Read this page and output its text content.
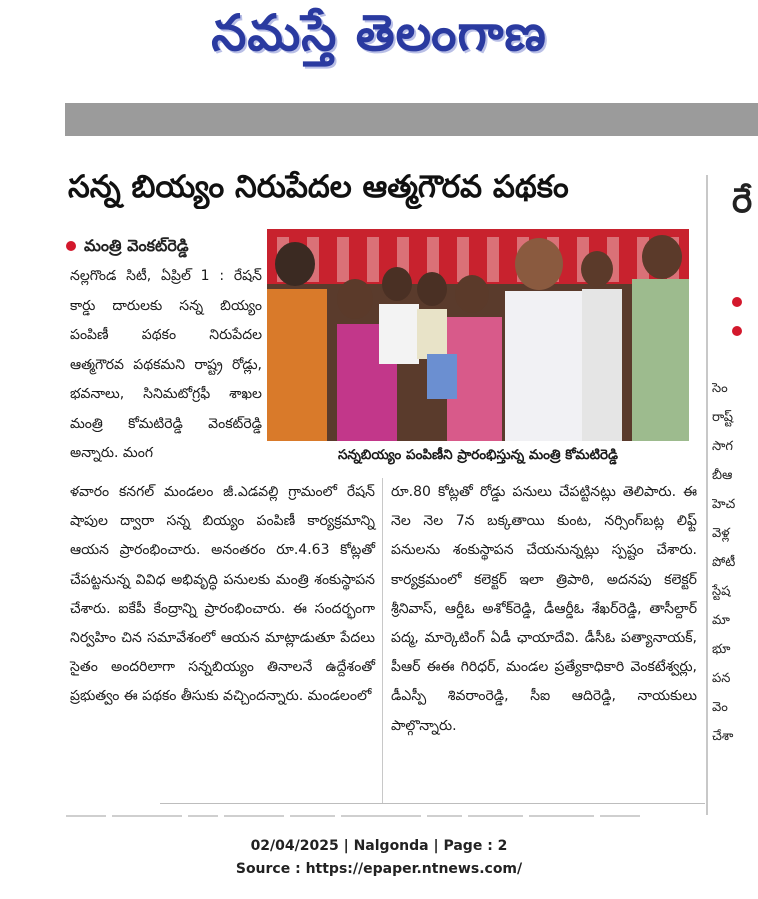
నమస్తే తెలంగాణ
సన్న బియ్యం నిరుపేదల ఆత్మగౌరవ పథకం
మంత్రి వెంకట్‌రెడ్డి

నల్లగొండ సిటీ, ఏప్రిల్ 1 : రేషన్ కార్డు దారులకు సన్న బియ్యం పంపిణీ పథకం నిరుపేదల ఆత్మగౌరవ పథకమని రాష్ట్ర రోడ్లు, భవనాలు, సినిమటోగ్రఫీ శాఖల మంత్రి కోమటిరెడ్డి వెంకట్‌రెడ్డి అన్నారు. మంగ	సన్నబియ్యం పంపిణీని ప్రారంభిస్తున్న మంత్రి కోమటిరెడ్డి

ళవారం కనగల్ మండలం జీ.ఎడవల్లి గ్రామంలో రేషన్ షాపుల ద్వారా సన్న బియ్యం పంపిణీ కార్యక్రమాన్ని ఆయన ప్రారంభించారు. అనంతరం రూ.4.63 కోట్లతో చేపట్టనున్న వివిధ అభివృద్ధి పనులకు మంత్రి శంకుస్థాపన చేశారు. ఐకేపీ కేంద్రాన్ని ప్రారంభించారు. ఈ సందర్భంగా నిర్వహిం చిన సమావేశంలో ఆయన మాట్లాడుతూ పేదలు సైతం అందరిలాగా సన్నబియ్యం తినాలనే ఉద్దేశంతో ప్రభుత్వం ఈ పథకం తీసుకు వచ్చిందన్నారు. మండలంలో

రూ.80 కోట్లతో రోడ్డు పనులు చేపట్టినట్లు తెలిపారు. ఈ నెల నెల 7న బక్కతాయి కుంట, నర్సింగ్‌బట్ల లిఫ్ట్ పనులను శంకుస్థాపన చేయనున్నట్లు స్పష్టం చేశారు. కార్యక్రమంలో కలెక్టర్ ఇలా త్రిపాఠి, అదనపు కలెక్టర్ శ్రీనివాస్, ఆర్డీఓ అశోక్‌రెడ్డి, డీఆర్డీఓ శేఖర్‌రెడ్డి, తాసీల్దార్ పద్మ, మార్కెటింగ్ ఏడీ ఛాయాదేవి. డీసీఓ పత్యానాయక్, పీఆర్ ఈఈ గిరిధర్, మండల ప్రత్యేకాధికారి వెంకటేశ్వర్లు, డీఎస్పీ శివరాంరెడ్డి, సీఐ ఆదిరెడ్డి, నాయకులు పాల్గొన్నారు.

రే
సెం
రాష్ట్
సాగ
బీఆ
హెచ
వెళ్ల
పోటీ
స్టేష
మా
భూ
పన
వెం
చేశా
02/04/2025 | Nalgonda | Page : 2
Source : https://epaper.ntnews.com/
